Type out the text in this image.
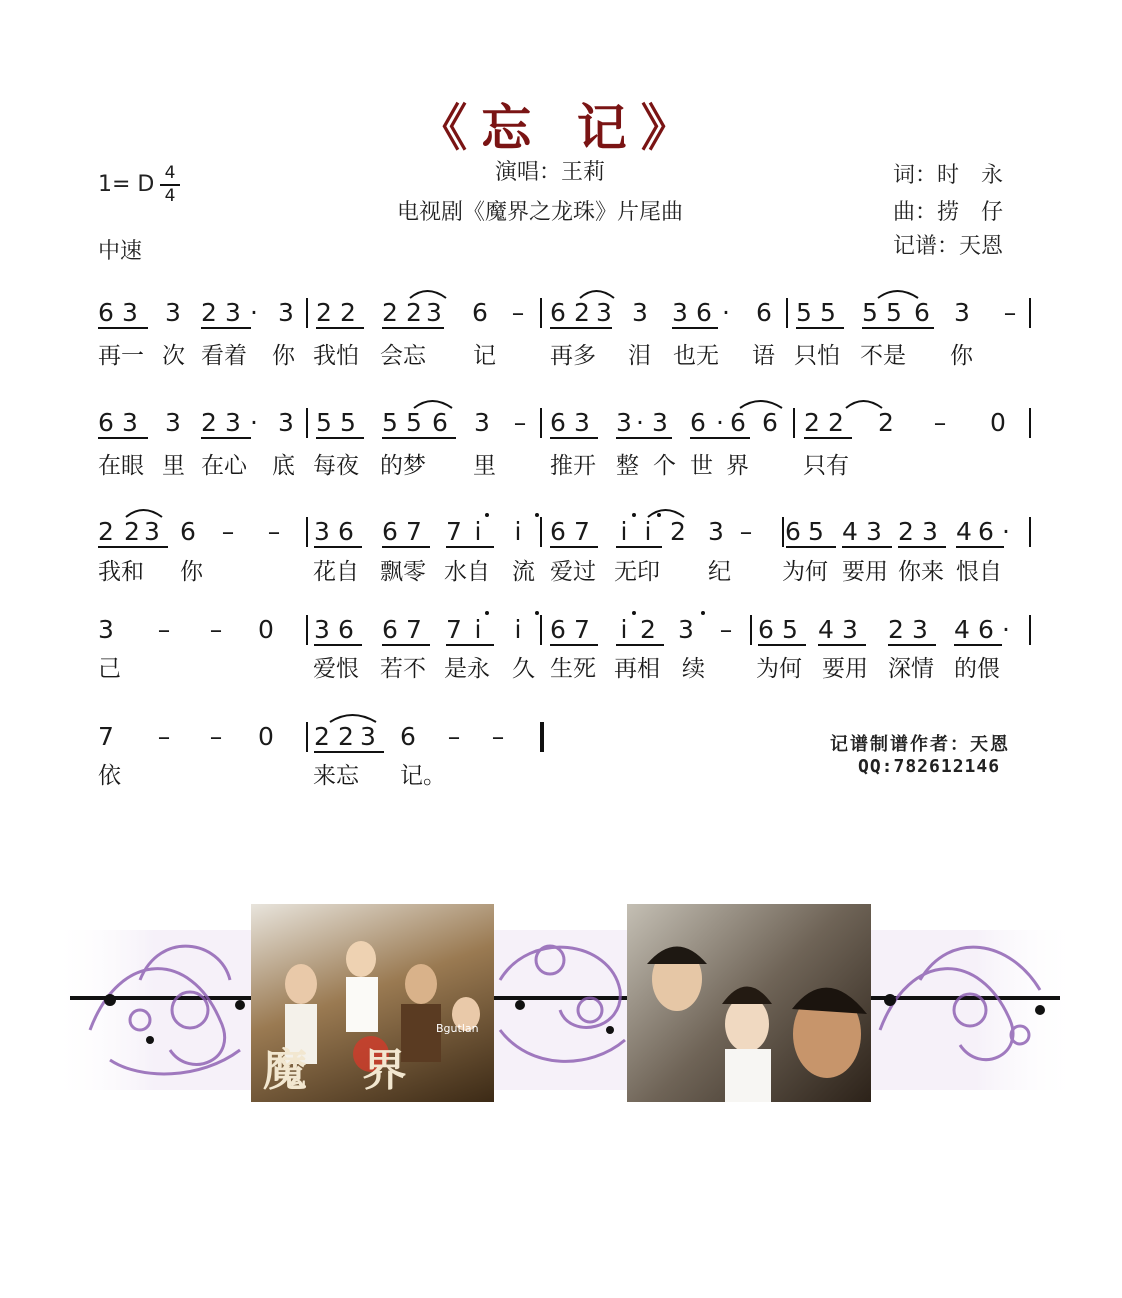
《忘 记》
演唱：王莉
电视剧《魔界之龙珠》片尾曲
词：时　永
曲：捞　仔
记谱：天恩
1= D 4
4
中速
6 3 3 2 3 · 3 2 2 2 2 3 6 – 6 2 3 3 3 6 · 6 5 5 5 5 6 3 –
再一 次 看着 你 我怕 会忘 记 再多 泪 也无 语 只怕 不是 你
6 3 3 2 3 · 3 5 5 5 5 6 3 – 6 3 3 · 3 6 · 6 6 2 2 2 – 0
在眼 里 在心 底 每夜 的梦 里 推开 整 个 世 界 只有
2 2 3 6 – – 3 6 6 7 7 i i 6 7 i i 2 3 – 6 5 4 3 2 3 4 6 ·
我和 你	花自 飘零 水自 流 爱过 无印 纪 为何 要用 你来 恨自
3 – – 0 3 6 6 7 7 i i 6 7 i 2 3 – 6 5 4 3 2 3 4 6 ·
己	爱恨 若不 是永 久 生死 再相 续 为何 要用 深情 的偎
7 – – 0 2 2 3 6 – –
依	来忘 记。
记谱制谱作者：天恩
QQ:782612146
魔 界
Bgutlan
